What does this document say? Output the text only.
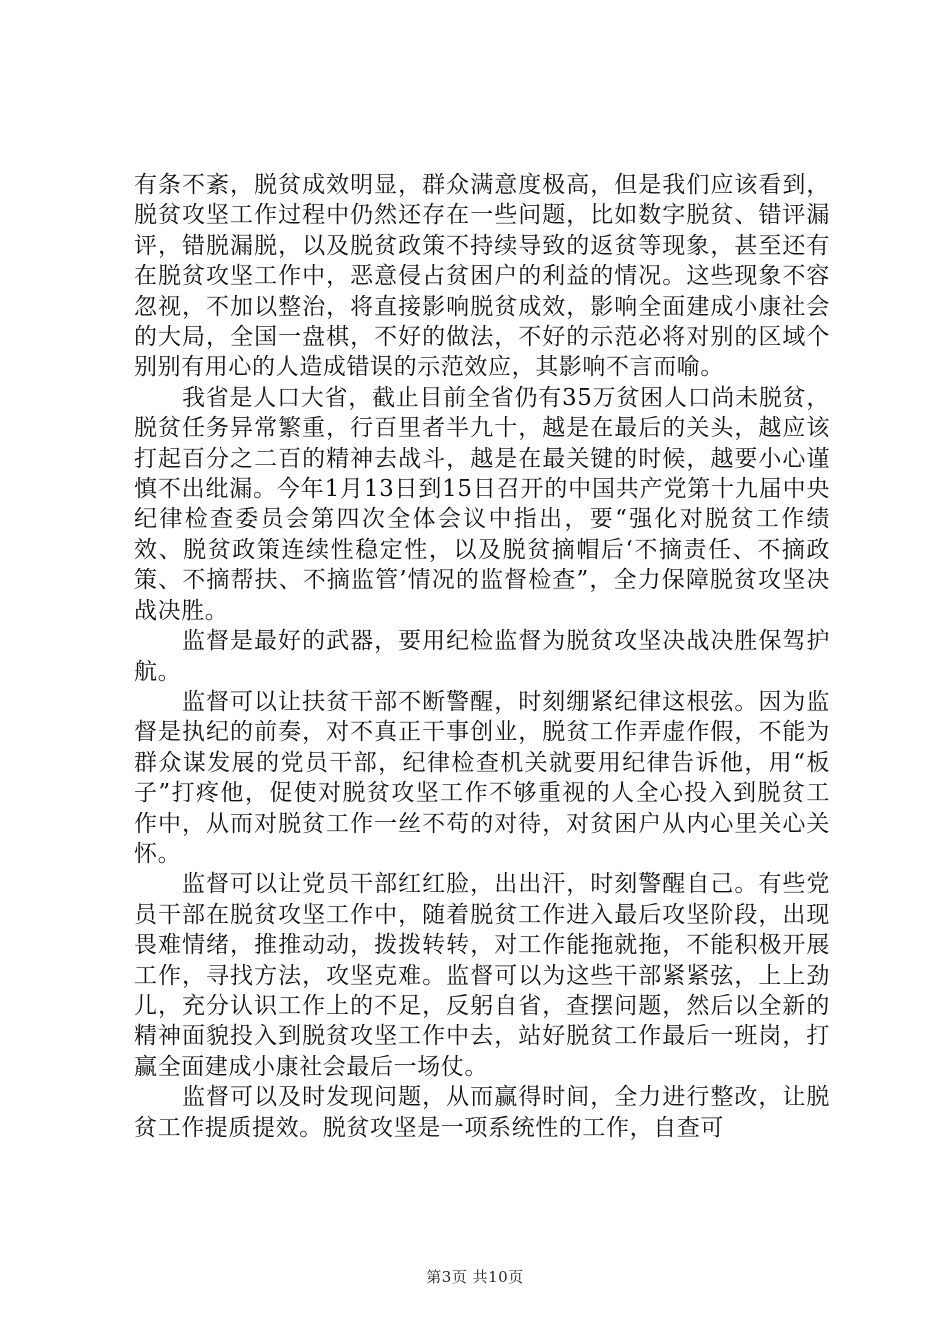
有条不紊，脱贫成效明显，群众满意度极高，但是我们应该看到，脱贫攻坚工作过程中仍然还存在一些问题，比如数字脱贫、错评漏评，错脱漏脱，以及脱贫政策不持续导致的返贫等现象，甚至还有在脱贫攻坚工作中，恶意侵占贫困户的利益的情况。这些现象不容忽视，不加以整治，将直接影响脱贫成效，影响全面建成小康社会的大局，全国一盘棋，不好的做法，不好的示范必将对别的区域个别别有用心的人造成错误的示范效应，其影响不言而喻。

我省是人口大省，截止目前全省仍有35万贫困人口尚未脱贫，脱贫任务异常繁重，行百里者半九十，越是在最后的关头，越应该打起百分之二百的精神去战斗，越是在最关键的时候，越要小心谨慎不出纰漏。今年1月13日到15日召开的中国共产党第十九届中央纪律检查委员会第四次全体会议中指出，要“强化对脱贫工作绩效、脱贫政策连续性稳定性，以及脱贫摘帽后‘不摘责任、不摘政策、不摘帮扶、不摘监管’情况的监督检查”，全力保障脱贫攻坚决战决胜。

监督是最好的武器，要用纪检监督为脱贫攻坚决战决胜保驾护航。

监督可以让扶贫干部不断警醒，时刻绷紧纪律这根弦。因为监督是执纪的前奏，对不真正干事创业，脱贫工作弄虚作假，不能为群众谋发展的党员干部，纪律检查机关就要用纪律告诉他，用“板子”打疼他，促使对脱贫攻坚工作不够重视的人全心投入到脱贫工作中，从而对脱贫工作一丝不苟的对待，对贫困户从内心里关心关怀。

监督可以让党员干部红红脸，出出汗，时刻警醒自己。有些党员干部在脱贫攻坚工作中，随着脱贫工作进入最后攻坚阶段，出现畏难情绪，推推动动，拨拨转转，对工作能拖就拖，不能积极开展工作，寻找方法，攻坚克难。监督可以为这些干部紧紧弦，上上劲儿，充分认识工作上的不足，反躬自省，查摆问题，然后以全新的精神面貌投入到脱贫攻坚工作中去，站好脱贫工作最后一班岗，打赢全面建成小康社会最后一场仗。

监督可以及时发现问题，从而赢得时间，全力进行整改，让脱贫工作提质提效。脱贫攻坚是一项系统性的工作，自查可

第3页 共10页
